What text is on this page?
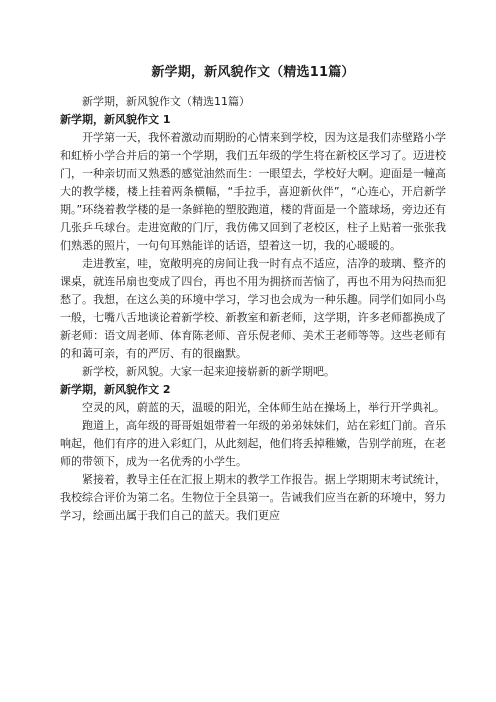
新学期，新风貌作文（精选11篇）

新学期，新风貌作文（精选11篇）

新学期，新风貌作文 1

开学第一天，我怀着激动而期盼的心情来到学校，因为这是我们赤壁路小学和虹桥小学合并后的第一个学期，我们五年级的学生将在新校区学习了。迈进校门，一种亲切而又熟悉的感觉油然而生：一眼望去，学校好大啊。迎面是一幢高大的教学楼，楼上挂着两条横幅，“手拉手，喜迎新伙伴”，“心连心，开启新学期。”环绕着教学楼的是一条鲜艳的塑胶跑道，楼的背面是一个篮球场，旁边还有几张乒乓球台。走进宽敞的门厅，我仿佛又回到了老校区，柱子上贴着一张张我们熟悉的照片，一句句耳熟能详的话语，望着这一切，我的心暖暖的。

走进教室，哇，宽敞明亮的房间让我一时有点不适应，洁净的玻璃、整齐的课桌，就连吊扇也变成了四台，再也不用为拥挤而苦恼了，再也不用为闷热而犯愁了。我想，在这么美的环境中学习，学习也会成为一种乐趣。同学们如同小鸟一般，七嘴八舌地谈论着新学校、新教室和新老师，这学期，许多老师都换成了新老师：语文周老师、体育陈老师、音乐倪老师、美术王老师等等。这些老师有的和蔼可亲，有的严厉、有的很幽默。

新学校，新风貌。大家一起来迎接崭新的新学期吧。

新学期，新风貌作文 2

空灵的风，蔚蓝的天，温暖的阳光，全体师生站在操场上，举行开学典礼。

跑道上，高年级的哥哥姐姐带着一年级的弟弟妹妹们，站在彩虹门前。音乐响起，他们有序的进入彩虹门，从此刻起，他们将丢掉稚嫩，告别学前班，在老师的带领下，成为一名优秀的小学生。

紧接着，教导主任在汇报上期末的教学工作报告。据上学期期末考试统计，我校综合评价为第二名。生物位于全县第一。告诫我们应当在新的环境中，努力学习，绘画出属于我们自己的蓝天。我们更应
